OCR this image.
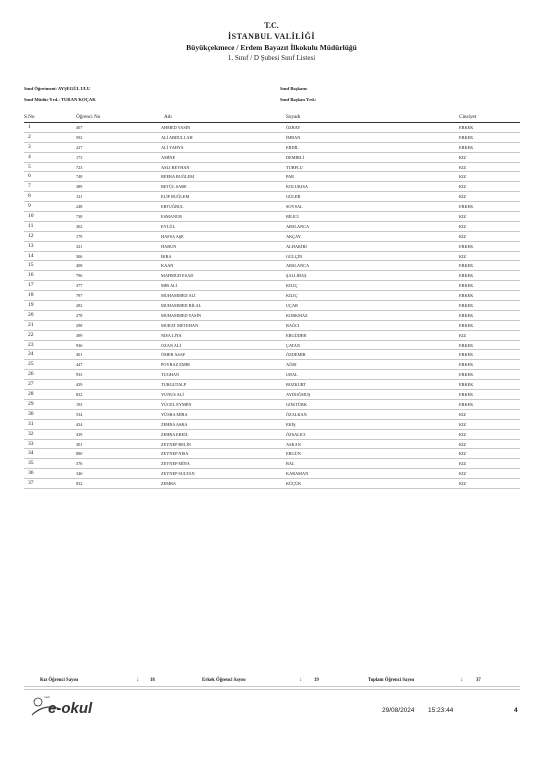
T.C.
İSTANBUL VALİLİĞİ
Büyükçekmece / Erdem Bayazıt İlkokulu Müdürlüğü
1. Sınıf / D Şubesi Sınıf Listesi
Sınıf Öğretmeni: AYŞEGÜL ULU
Sınıf Müdür Yrd.: TURAN KOÇAK
Sınıf Başkanı:
Sınıf Başkan Yrd.:
S.No	Öğrenci No	Adı	Soyadı	Cinsiyet
1	407	AHMED YASİN	ÖZBAY	ERKEK
2	592	ALİ ABDULLAH	İMRAN	ERKEK
3	227	ALİ YAHYA	ERDİL	ERKEK
4	173	AMİNE	DEMİRLİ	KIZ
5	723	ASLI REYHAN	TURFLU	KIZ
6	748	BEERA BUĞLEM	PAR	KIZ
7	389	BETÜL SARE	KOLUKISA	KIZ
8	121	ELİF BUĞLEM	GÜLER	KIZ
9	248	ERTUĞRUL	SOYSAL	ERKEK
10	738	ESMANUR	BİLİCİ	KIZ
11	302	EYLÜL	ARSLANCA	KIZ
12	179	HAFSA AŞE	AKÇAY	KIZ
13	321	HARUN	ALHAKİRİ	ERKEK
14	306	İKRA	GÜLÇİN	KIZ
15	408	KAAN	ARSLANCA	ERKEK
16	796	MAHMUD ESAD	ŞALLIBAŞ	ERKEK
17	377	MİR ALİ	KILIÇ	ERKEK
18	797	MUHAMMED ALİ	KILIÇ	ERKEK
19	282	MUHAMMED BİLAL	UÇAR	ERKEK
20	278	MUHAMMED YASİN	KORKMAZ	ERKEK
21	298	MURAT METEHAN	BAĞCI	ERKEK
22	499	NİSA LİYA	ERGÜDER	KIZ
23	936	OZAN ALİ	ÇATAN	ERKEK
24	401	ÖMER ASAF	ÖZDEMİR	ERKEK
25	447	POYRAZ EMİR	AĞRI	ERKEK
26	933	TUGHAN	URAL	ERKEK
27	439	TURGUTALP	BOZKURT	ERKEK
28	832	YUNUS ALİ	AYDOĞMUŞ	ERKEK
29	193	YÜCEL EYMEN	GÖKTÜRK	ERKEK
30	534	YÜSRA MİRA	ÖZALKAN	KIZ
31	434	ZEHRA ASRA	EKİŞ	KIZ
32	439	ZEHRA EREİL	ÖZSALICI	KIZ
33	301	ZEYNEP BELİN	ASKAN	KIZ
34	880	ZEYNEP NİSA	ERGÜN	KIZ
35	376	ZEYNEP MİNA	BAL	KIZ
36	346	ZEYNEP SULTAN	KARAMAN	KIZ
37	832	ZEMRA	KÜÇÜK	KIZ
Kız Öğrenci Sayısı	: 18	Erkek Öğrenci Sayısı	:	19	Toplam Öğrenci Sayısı	:	37
meb
e-okul	29/08/2024 15:23:44	4
